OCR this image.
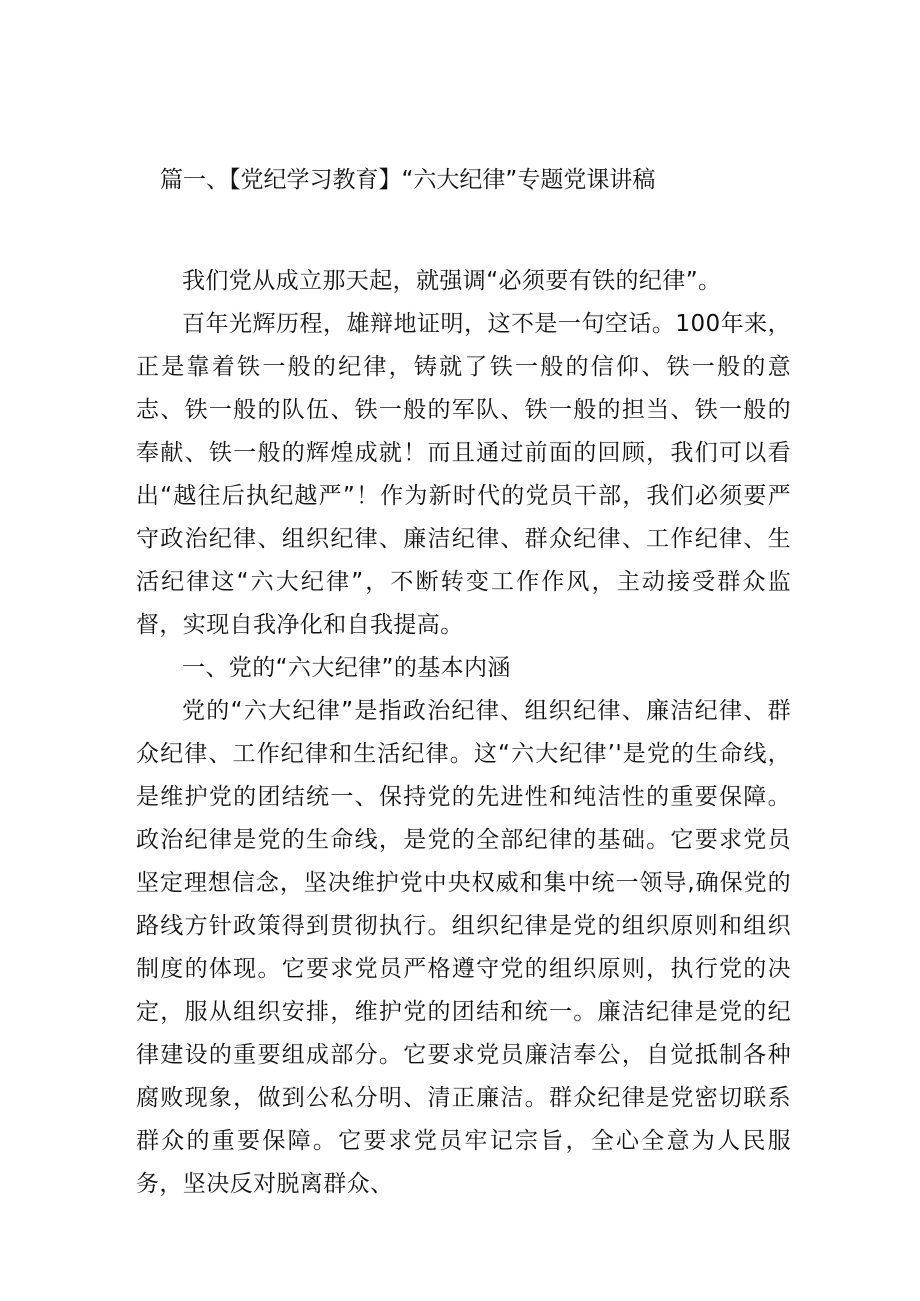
篇一、【党纪学习教育】“六大纪律”专题党课讲稿

我们党从成立那天起，就强调“必须要有铁的纪律”。

百年光辉历程，雄辩地证明，这不是一句空话。100年来，正是靠着铁一般的纪律，铸就了铁一般的信仰、铁一般的意志、铁一般的队伍、铁一般的军队、铁一般的担当、铁一般的奉献、铁一般的辉煌成就！而且通过前面的回顾，我们可以看出“越往后执纪越严”！作为新时代的党员干部，我们必须要严守政治纪律、组织纪律、廉洁纪律、群众纪律、工作纪律、生活纪律这“六大纪律”，不断转变工作作风，主动接受群众监督，实现自我净化和自我提高。

一、党的“六大纪律”的基本内涵

党的“六大纪律”是指政治纪律、组织纪律、廉洁纪律、群众纪律、工作纪律和生活纪律。这“六大纪律’'是党的生命线，是维护党的团结统一、保持党的先进性和纯洁性的重要保障。政治纪律是党的生命线，是党的全部纪律的基础。它要求党员坚定理想信念，坚决维护党中央权威和集中统一领导,确保党的路线方针政策得到贯彻执行。组织纪律是党的组织原则和组织制度的体现。它要求党员严格遵守党的组织原则，执行党的决定，服从组织安排，维护党的团结和统一。廉洁纪律是党的纪律建设的重要组成部分。它要求党员廉洁奉公，自觉抵制各种腐败现象，做到公私分明、清正廉洁。群众纪律是党密切联系群众的重要保障。它要求党员牢记宗旨，全心全意为人民服务，坚决反对脱离群众、
